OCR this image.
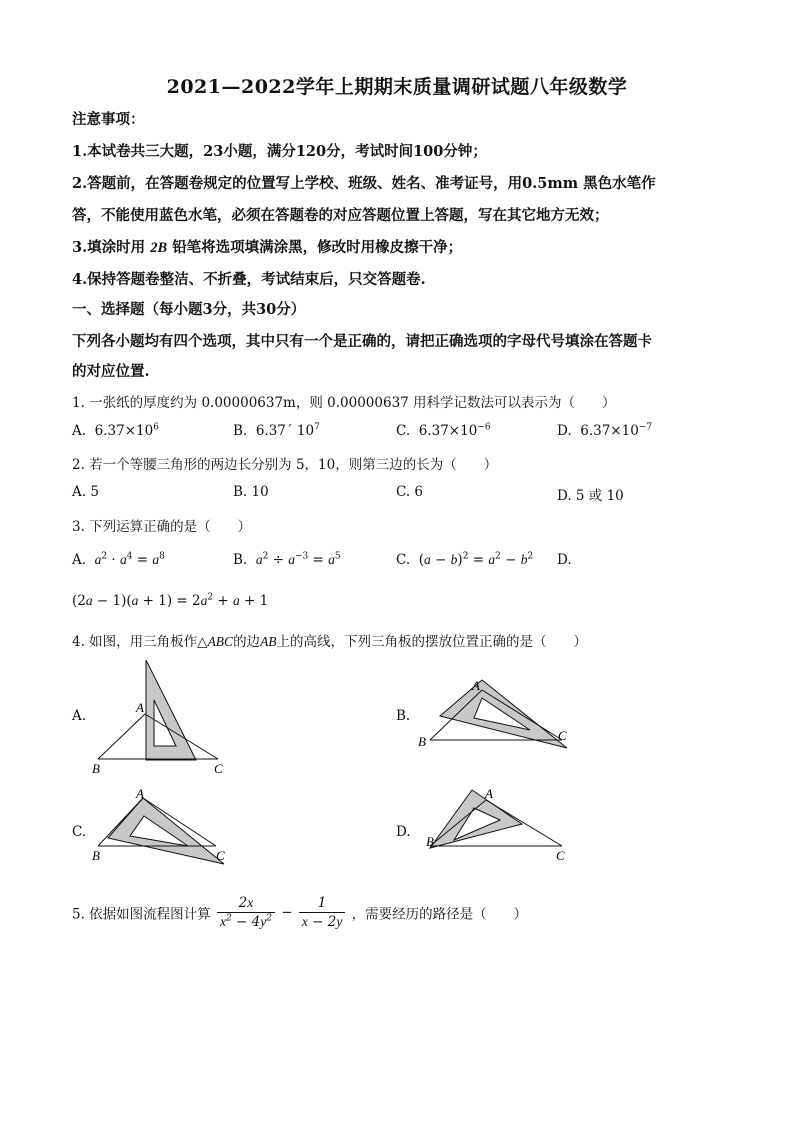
2021—2022学年上期期末质量调研试题八年级数学
注意事项：
1.本试卷共三大题，23小题，满分120分，考试时间100分钟；
2.答题前，在答题卷规定的位置写上学校、班级、姓名、准考证号，用0.5mm 黑色水笔作
答，不能使用蓝色水笔，必须在答题卷的对应答题位置上答题，写在其它地方无效；
3.填涂时用 2B 铅笔将选项填满涂黑，修改时用橡皮擦干净；
4.保持答题卷整洁、不折叠，考试结束后，只交答题卷.
一、选择题（每小题3分，共30分）
下列各小题均有四个选项，其中只有一个是正确的，请把正确选项的字母代号填涂在答题卡
的对应位置.
1. 一张纸的厚度约为 0.00000637m，则 0.00000637 用科学记数法可以表示为（　　）
A. $6.37\times 10^6$	B. 6.37´ $10^7$	C. $6.37\times 10^{-6}$	D. $6.37\times 10^{-7}$
2. 若一个等腰三角形的两边长分别为 5，10，则第三边的长为（　　）
A. 5	B. 10	C. 6	D. 5 或 10
3. 下列运算正确的是（　　）
A. $a^2 \cdot a^4 = a^8$	B. $a^2 \div a^{-3} = a^5$	C.  $(a - b)^2 = a^2 - b^2$ D.
$(2a - 1)(a + 1) = 2a^2 + a + 1$
4. 如图，用三角板作△ABC的边AB上的高线，下列三角板的摆放位置正确的是（　　）
A.
A
B	C
B.
A
B	C
C.
A
B	C
D.
A
B
C
5. 依据如图流程图计算 $\frac{2x}{x^2 - 4y^2} - \frac{1}{x - 2y}$ ，需要经历的路径是（　　）
